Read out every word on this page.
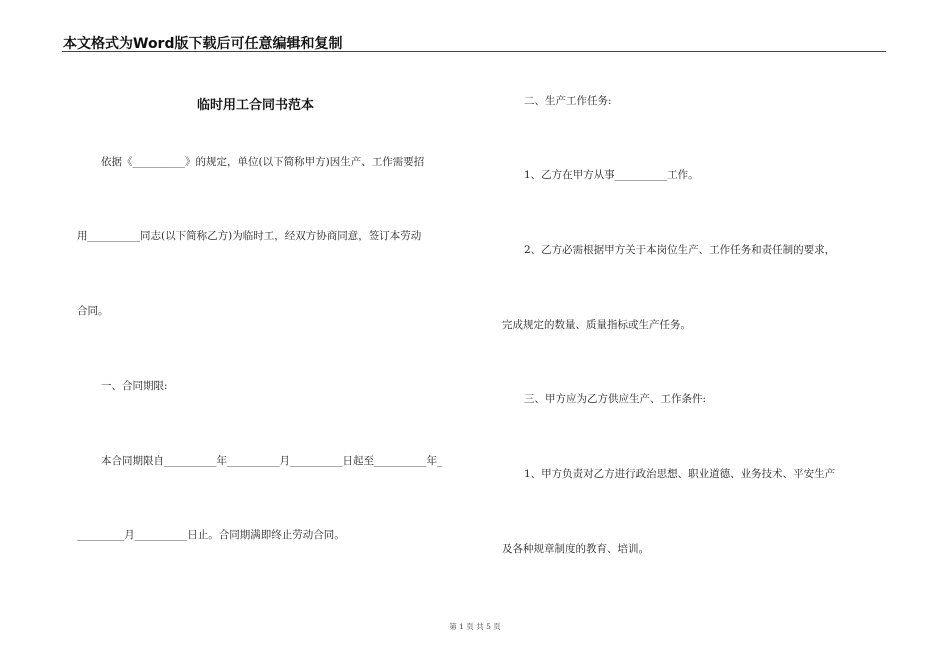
本文格式为Word版下载后可任意编辑和复制
临时用工合同书范本
依据《__________》的规定，单位(以下简称甲方)因生产、工作需要招
用__________同志(以下简称乙方)为临时工，经双方协商同意，签订本劳动
合同。
一、合同期限:
本合同期限自__________年__________月__________日起至__________年_
_________月__________日止。合同期满即终止劳动合同。
二、生产工作任务:
1、乙方在甲方从事__________工作。
2、乙方必需根据甲方关于本岗位生产、工作任务和责任制的要求，
完成规定的数量、质量指标或生产任务。
三、甲方应为乙方供应生产、工作条件:
1、甲方负责对乙方进行政治思想、职业道德、业务技术、平安生产
及各种规章制度的教育、培训。
第 1 页 共 5 页
